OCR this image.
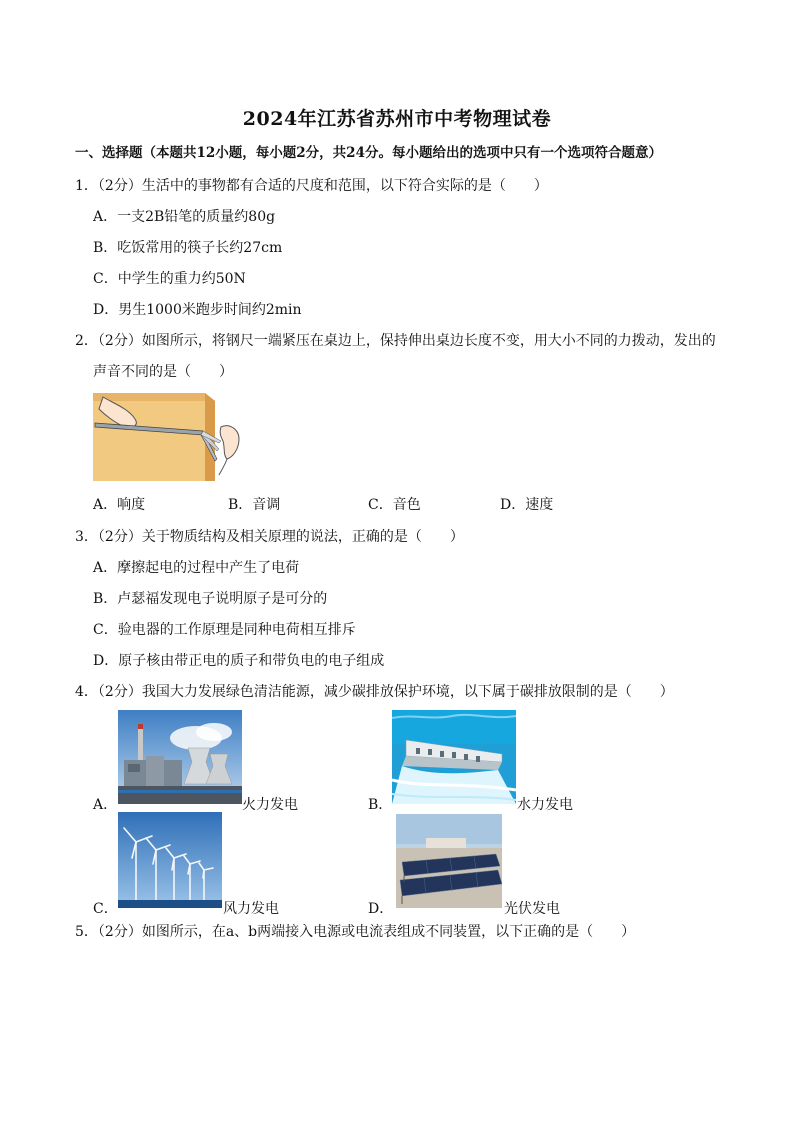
2024年江苏省苏州市中考物理试卷
一、选择题（本题共12小题，每小题2分，共24分。每小题给出的选项中只有一个选项符合题意）
1．（2分）生活中的事物都有合适的尺度和范围，以下符合实际的是（　　）
A．一支2B铅笔的质量约80g
B．吃饭常用的筷子长约27cm
C．中学生的重力约50N
D．男生1000米跑步时间约2min
2．（2分）如图所示，将钢尺一端紧压在桌边上，保持伸出桌边长度不变，用大小不同的力拨动，发出的
声音不同的是（　　）
A．响度	B．音调	C．音色	D．速度
3．（2分）关于物质结构及相关原理的说法，正确的是（　　）
A．摩擦起电的过程中产生了电荷
B．卢瑟福发现电子说明原子是可分的
C．验电器的工作原理是同种电荷相互排斥
D．原子核由带正电的质子和带负电的电子组成
4．（2分）我国大力发展绿色清洁能源，减少碳排放保护环境，以下属于碳排放限制的是（　　）
A．	火力发电	B．	水力发电
C．	风力发电	D．	光伏发电
5．（2分）如图所示，在a、b两端接入电源或电流表组成不同装置，以下正确的是（　　）
